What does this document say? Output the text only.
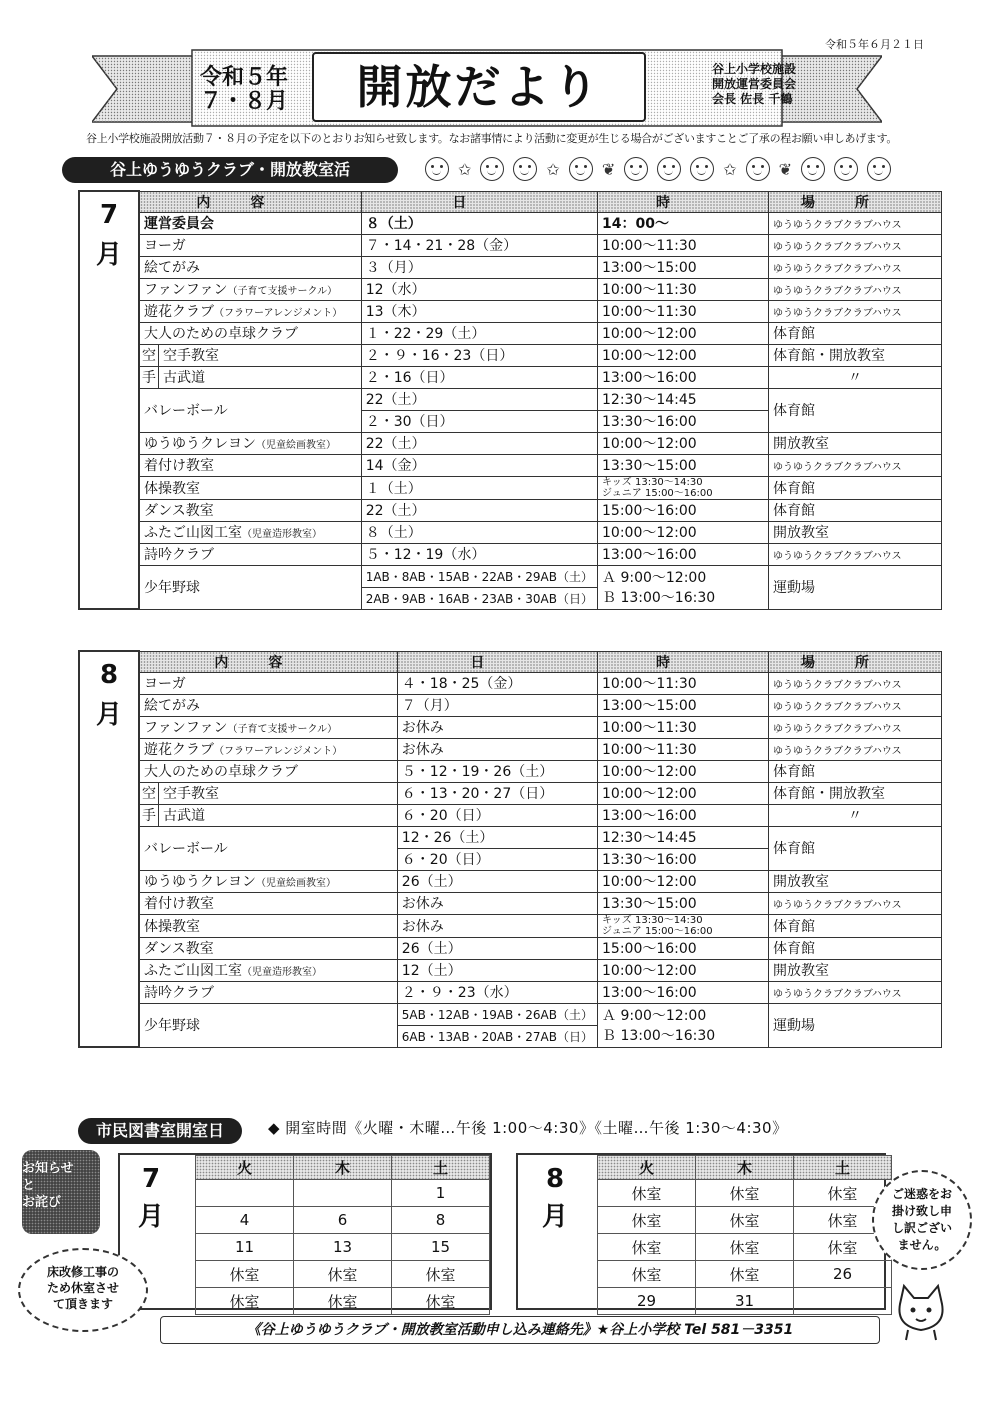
令和５年６月２１日
令和５年
７・８月	開放だより	谷上小学校施設
開放運営委員会
会長 佐長 千鶴
谷上小学校施設開放活動７・８月の予定を以下のとおりお知らせ致します。なお諸事情により活動に変更が生じる場合がございますことご了承の程お願い申しあげます。
谷上ゆうゆうクラブ・開放教室活	✩	✩	❦	✩	❦
7
月	内容		日	時	場所
	運営委員会		８（土）	14：00～	ゆうゆうクラブクラブハウス
	ヨーガ		７・14・21・28（金）	10:00～11:30	ゆうゆうクラブクラブハウス
	絵てがみ		３（月）	13:00～15:00	ゆうゆうクラブクラブハウス
	ファンファン（子育て支援サークル）		12（水）	10:00～11:30	ゆうゆうクラブクラブハウス
	遊花クラブ（フラワーアレンジメント）		13（木）	10:00～11:30	ゆうゆうクラブクラブハウス
	大人のための卓球クラブ		１・22・29（土）	10:00～12:00	体育館
	空	空手教室	２・９・16・23（日）	10:00～12:00	体育館・開放教室
	手	古武道	２・16（日）	13:00～16:00	〃
	バレーボール		22（土）	12:30～14:45	体育館
			２・30（日）	13:30～16:00	
	ゆうゆうクレヨン（児童絵画教室）		22（土）	10:00～12:00	開放教室
	着付け教室		14（金）	13:30～15:00	ゆうゆうクラブクラブハウス
	体操教室		１（土）	キッズ 13:30～14:30
ジュニア 15:00～16:00	体育館
	ダンス教室		22（土）	15:00～16:00	体育館
	ふたご山図工室（児童造形教室）		８（土）	10:00～12:00	開放教室
	詩吟クラブ		５・12・19（水）	13:00～16:00	ゆうゆうクラブクラブハウス
	少年野球		1AB・8AB・15AB・22AB・29AB（土）	Ａ 9:00～12:00
Ｂ 13:00～16:30	運動場
			2AB・9AB・16AB・23AB・30AB（日）		
8
月	内容		日	時	場所
	ヨーガ		４・18・25（金）	10:00～11:30	ゆうゆうクラブクラブハウス
	絵てがみ		７（月）	13:00～15:00	ゆうゆうクラブクラブハウス
	ファンファン（子育て支援サークル）		お休み	10:00～11:30	ゆうゆうクラブクラブハウス
	遊花クラブ（フラワーアレンジメント）		お休み	10:00～11:30	ゆうゆうクラブクラブハウス
	大人のための卓球クラブ		５・12・19・26（土）	10:00～12:00	体育館
	空	空手教室	６・13・20・27（日）	10:00～12:00	体育館・開放教室
	手	古武道	６・20（日）	13:00～16:00	〃
	バレーボール		12・26（土）	12:30～14:45	体育館
			６・20（日）	13:30～16:00	
	ゆうゆうクレヨン（児童絵画教室）		26（土）	10:00～12:00	開放教室
	着付け教室		お休み	13:30～15:00	ゆうゆうクラブクラブハウス
	体操教室		お休み	キッズ 13:30～14:30
ジュニア 15:00～16:00	体育館
	ダンス教室		26（土）	15:00～16:00	体育館
	ふたご山図工室（児童造形教室）		12（土）	10:00～12:00	開放教室
	詩吟クラブ		２・９・23（水）	13:00～16:00	ゆうゆうクラブクラブハウス
	少年野球		5AB・12AB・19AB・26AB（土）	Ａ 9:00～12:00
Ｂ 13:00～16:30	運動場
			6AB・13AB・20AB・27AB（日）		
市民図書室開室日	◆ 開室時間《火曜・木曜…午後 1:00～4:30》《土曜…午後 1:30～4:30》
お知らせ
と
お詫び
7
月
火	木	土
		1
4	6	8
11	13	15
休室	休室	休室
休室	休室	休室
8
月
火	木	土
休室	休室	休室
休室	休室	休室
休室	休室	休室
休室	休室	26
29	31	
床改修工事の
ため休室させ
て頂きます
ご迷惑をお
掛け致し申
し訳ござい
ません。
《谷上ゆうゆうクラブ・開放教室活動申し込み連絡先》★谷上小学校 Tel 581－3351
